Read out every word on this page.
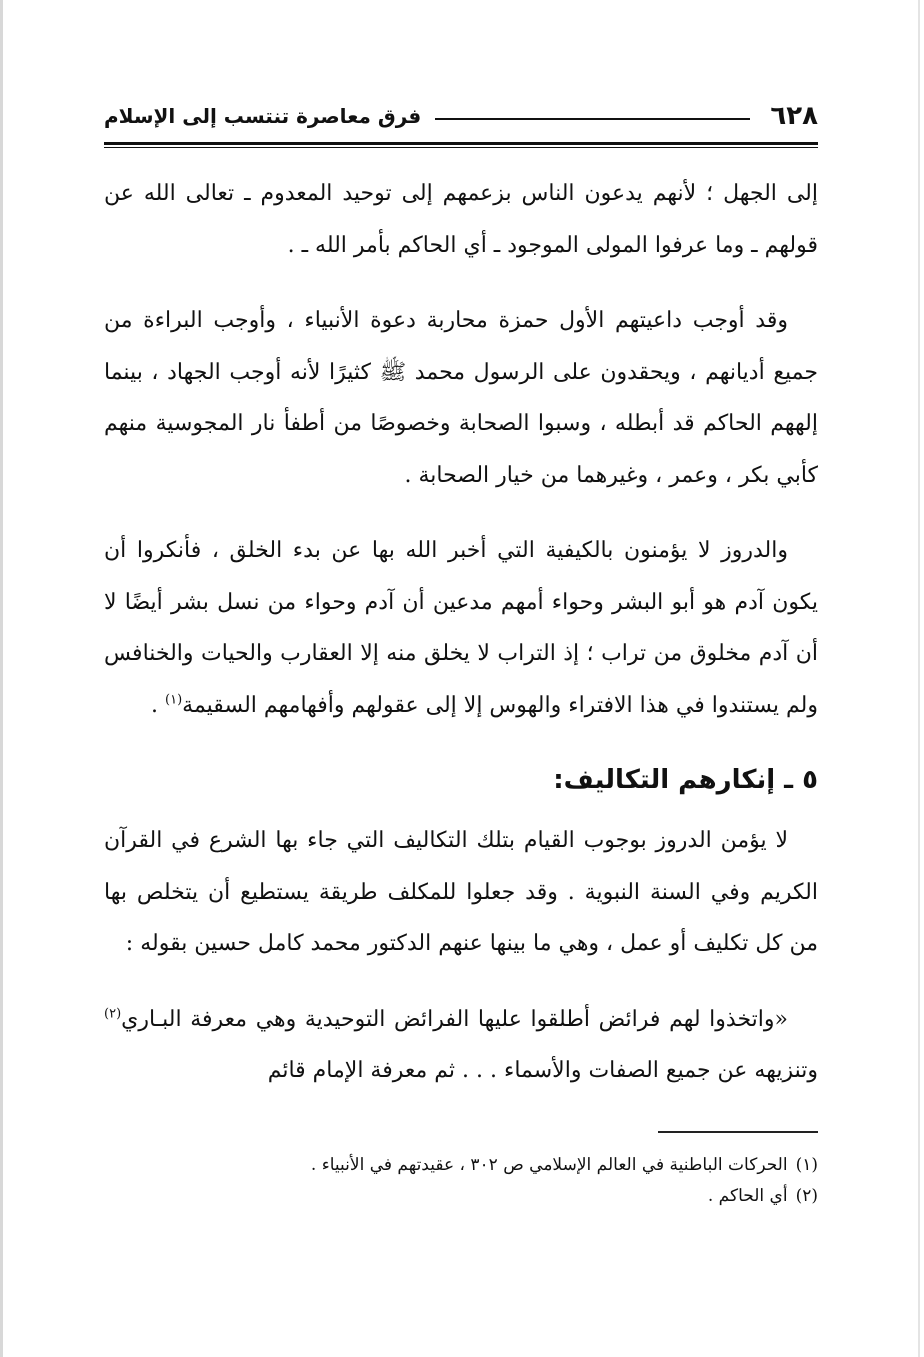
٦٢٨
فرق معاصرة تنتسب إلى الإسلام

إلى الجهل ؛ لأنهم يدعون الناس بزعمهم إلى توحيد المعدوم ـ تعالى الله عن قولهم ـ وما عرفوا المولى الموجود ـ أي الحاكم بأمر الله ـ .

وقد أوجب داعيتهم الأول حمزة محاربة دعوة الأنبياء ، وأوجب البراءة من جميع أديانهم ، ويحقدون على الرسول محمد ﷺ كثيرًا لأنه أوجب الجهاد ، بينما إلههم الحاكم قد أبطله ، وسبوا الصحابة وخصوصًا من أطفأ نار المجوسية منهم كأبي بكر ، وعمر ، وغيرهما من خيار الصحابة .

والدروز لا يؤمنون بالكيفية التي أخبر الله بها عن بدء الخلق ، فأنكروا أن يكون آدم هو أبو البشر وحواء أمهم مدعين أن آدم وحواء من نسل بشر أيضًا لا أن آدم مخلوق من تراب ؛ إذ التراب لا يخلق منه إلا العقارب والحيات والخنافس ولم يستندوا في هذا الافتراء والهوس إلا إلى عقولهم وأفهامهم السقيمة$^{(١)}$ .

٥ ـ إنكارهم التكاليف:

لا يؤمن الدروز بوجوب القيام بتلك التكاليف التي جاء بها الشرع في القرآن الكريم وفي السنة النبوية . وقد جعلوا للمكلف طريقة يستطيع أن يتخلص بها من كل تكليف أو عمل ، وهي ما بينها عنهم الدكتور محمد كامل حسين بقوله :

«واتخذوا لهم فرائض أطلقوا عليها الفرائض التوحيدية وهي معرفة البـاري$^{(٢)}$ وتنزيهه عن جميع الصفات والأسماء . . . ثم معرفة الإمام قائم

(١)الحركات الباطنية في العالم الإسلامي ص ٣٠٢ ، عقيدتهم في الأنبياء .

(٢)أي الحاكم .
